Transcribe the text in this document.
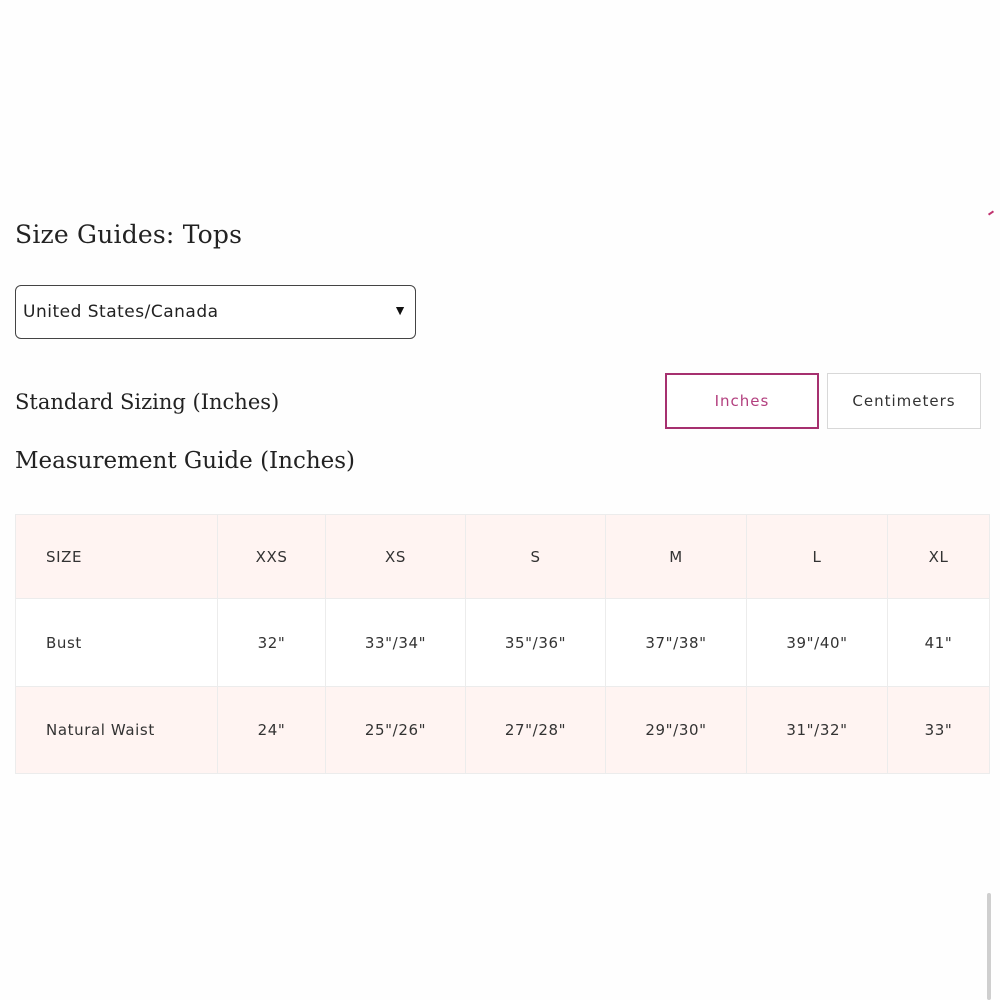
Size Guides: Tops
United States/Canada	▼
Standard Sizing (Inches)	Inches	Centimeters
Measurement Guide (Inches)
SIZE	XXS	XS	S	M	L	XL
Bust	32"	33"/34"	35"/36"	37"/38"	39"/40"	41"
Natural Waist	24"	25"/26"	27"/28"	29"/30"	31"/32"	33"
